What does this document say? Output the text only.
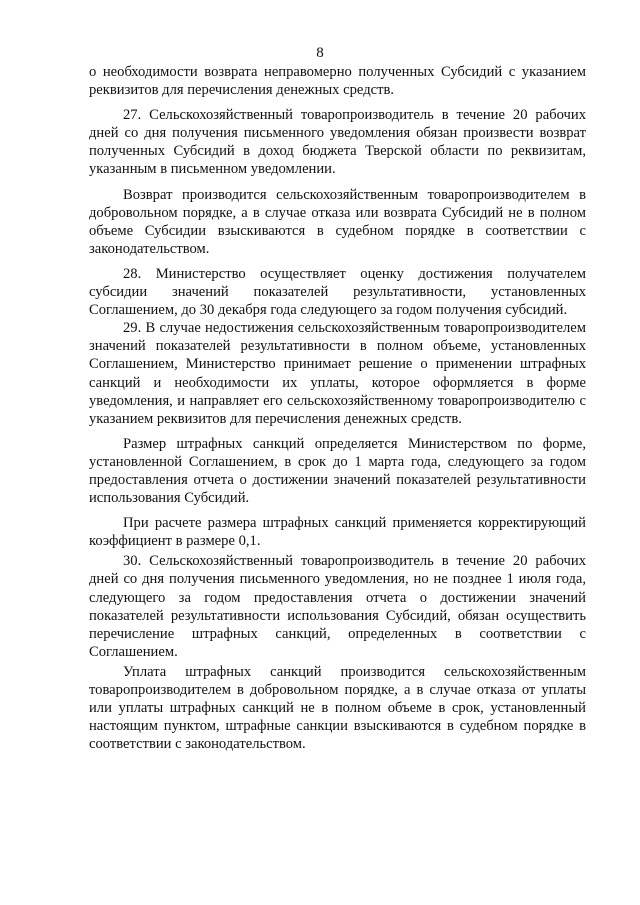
8

о необходимости возврата неправомерно полученных Субсидий с указанием реквизитов для перечисления денежных средств.

27. Сельскохозяйственный товаропроизводитель в течение 20 рабочих дней со дня получения письменного уведомления обязан произвести возврат полученных Субсидий в доход бюджета Тверской области по реквизитам, указанным в письменном уведомлении.

Возврат производится сельскохозяйственным товаропроизводителем в добровольном порядке, а в случае отказа или возврата Субсидий не в полном объеме Субсидии взыскиваются в судебном порядке в соответствии с законодательством.

28. Министерство осуществляет оценку достижения получателем субсидии значений показателей результативности, установленных Соглашением, до 30 декабря года следующего за годом получения субсидий.

29. В случае недостижения сельскохозяйственным товаропроизводителем значений показателей результативности в полном объеме, установленных Соглашением, Министерство принимает решение о применении штрафных санкций и необходимости их уплаты, которое оформляется в форме уведомления, и направляет его сельскохозяйственному товаропроизводителю с указанием реквизитов для перечисления денежных средств.

Размер штрафных санкций определяется Министерством по форме, установленной Соглашением, в срок до 1 марта года, следующего за годом предоставления отчета о достижении значений показателей результативности использования Субсидий.

При расчете размера штрафных санкций применяется корректирующий коэффициент в размере 0,1.

30. Сельскохозяйственный товаропроизводитель в течение 20 рабочих дней со дня получения письменного уведомления, но не позднее 1 июля года, следующего за годом предоставления отчета о достижении значений показателей результативности использования Субсидий, обязан осуществить перечисление штрафных санкций, определенных в соответствии с Соглашением.

Уплата штрафных санкций производится сельскохозяйственным товаропроизводителем в добровольном порядке, а в случае отказа от уплаты или уплаты штрафных санкций не в полном объеме в срок, установленный настоящим пунктом, штрафные санкции взыскиваются в судебном порядке в соответствии с законодательством.
